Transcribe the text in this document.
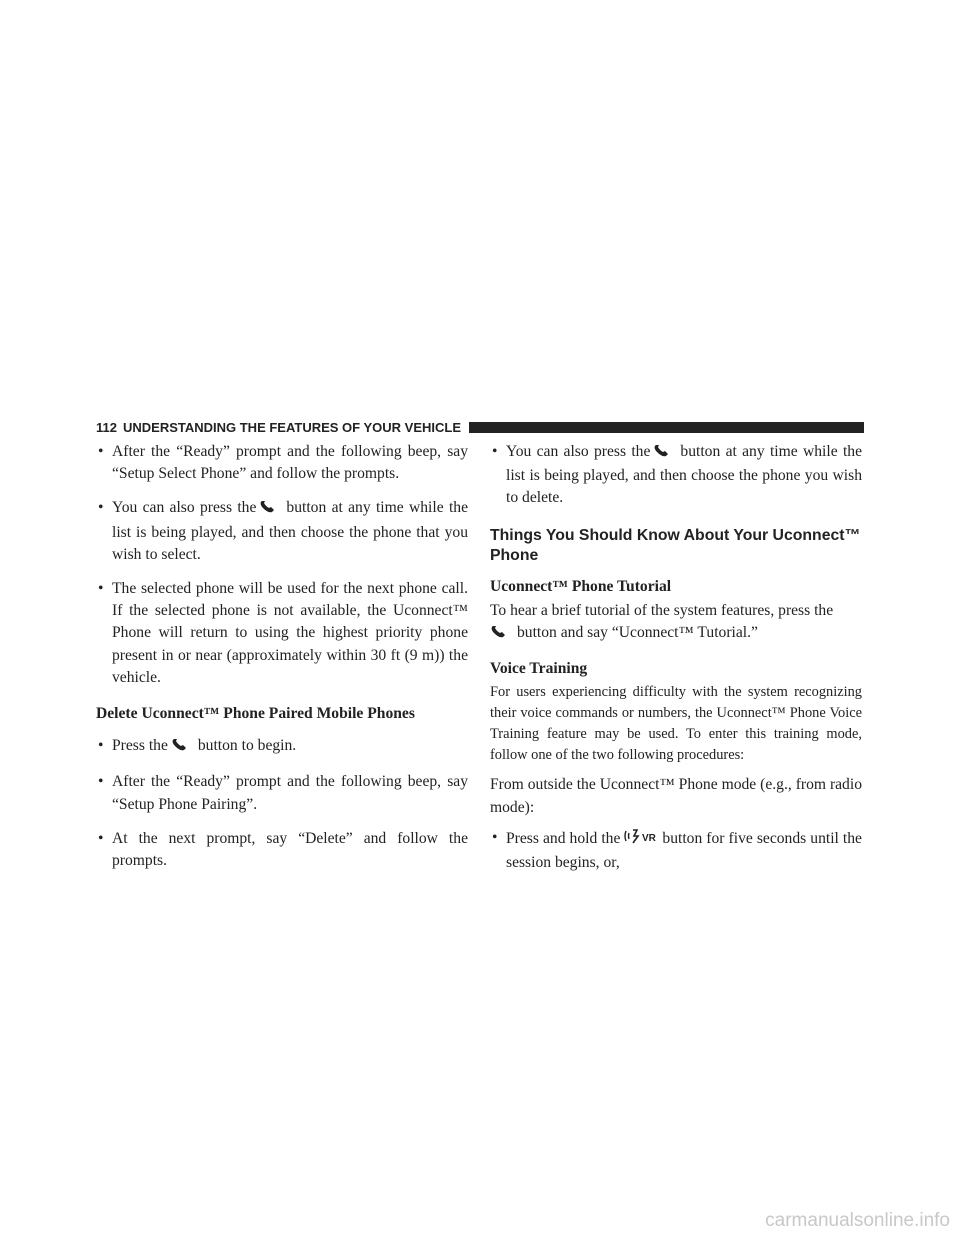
112 UNDERSTANDING THE FEATURES OF YOUR VEHICLE
• After the “Ready” prompt and the following beep, say “Setup Select Phone” and follow the prompts.
• You can also press the button at any time while the list is being played, and then choose the phone that you wish to select.
• The selected phone will be used for the next phone call. If the selected phone is not available, the Uconnect™ Phone will return to using the highest priority phone present in or near (approximately within 30 ft (9 m)) the vehicle.
Delete Uconnect™ Phone Paired Mobile Phones
• Press the button to begin.
• After the “Ready” prompt and the following beep, say “Setup Phone Pairing”.
• At the next prompt, say “Delete” and follow the prompts.
• You can also press the button at any time while the list is being played, and then choose the phone you wish to delete.
Things You Should Know About Your Uconnect™ Phone
Uconnect™ Phone Tutorial
To hear a brief tutorial of the system features, press the
button and say “Uconnect™ Tutorial.”
Voice Training
For users experiencing difficulty with the system recognizing their voice commands or numbers, the Uconnect™ Phone Voice Training feature may be used. To enter this training mode, follow one of the two following procedures:
From outside the Uconnect™ Phone mode (e.g., from radio mode):
• Press and hold the VR button for five seconds until the session begins, or,
carmanualsonline.info
